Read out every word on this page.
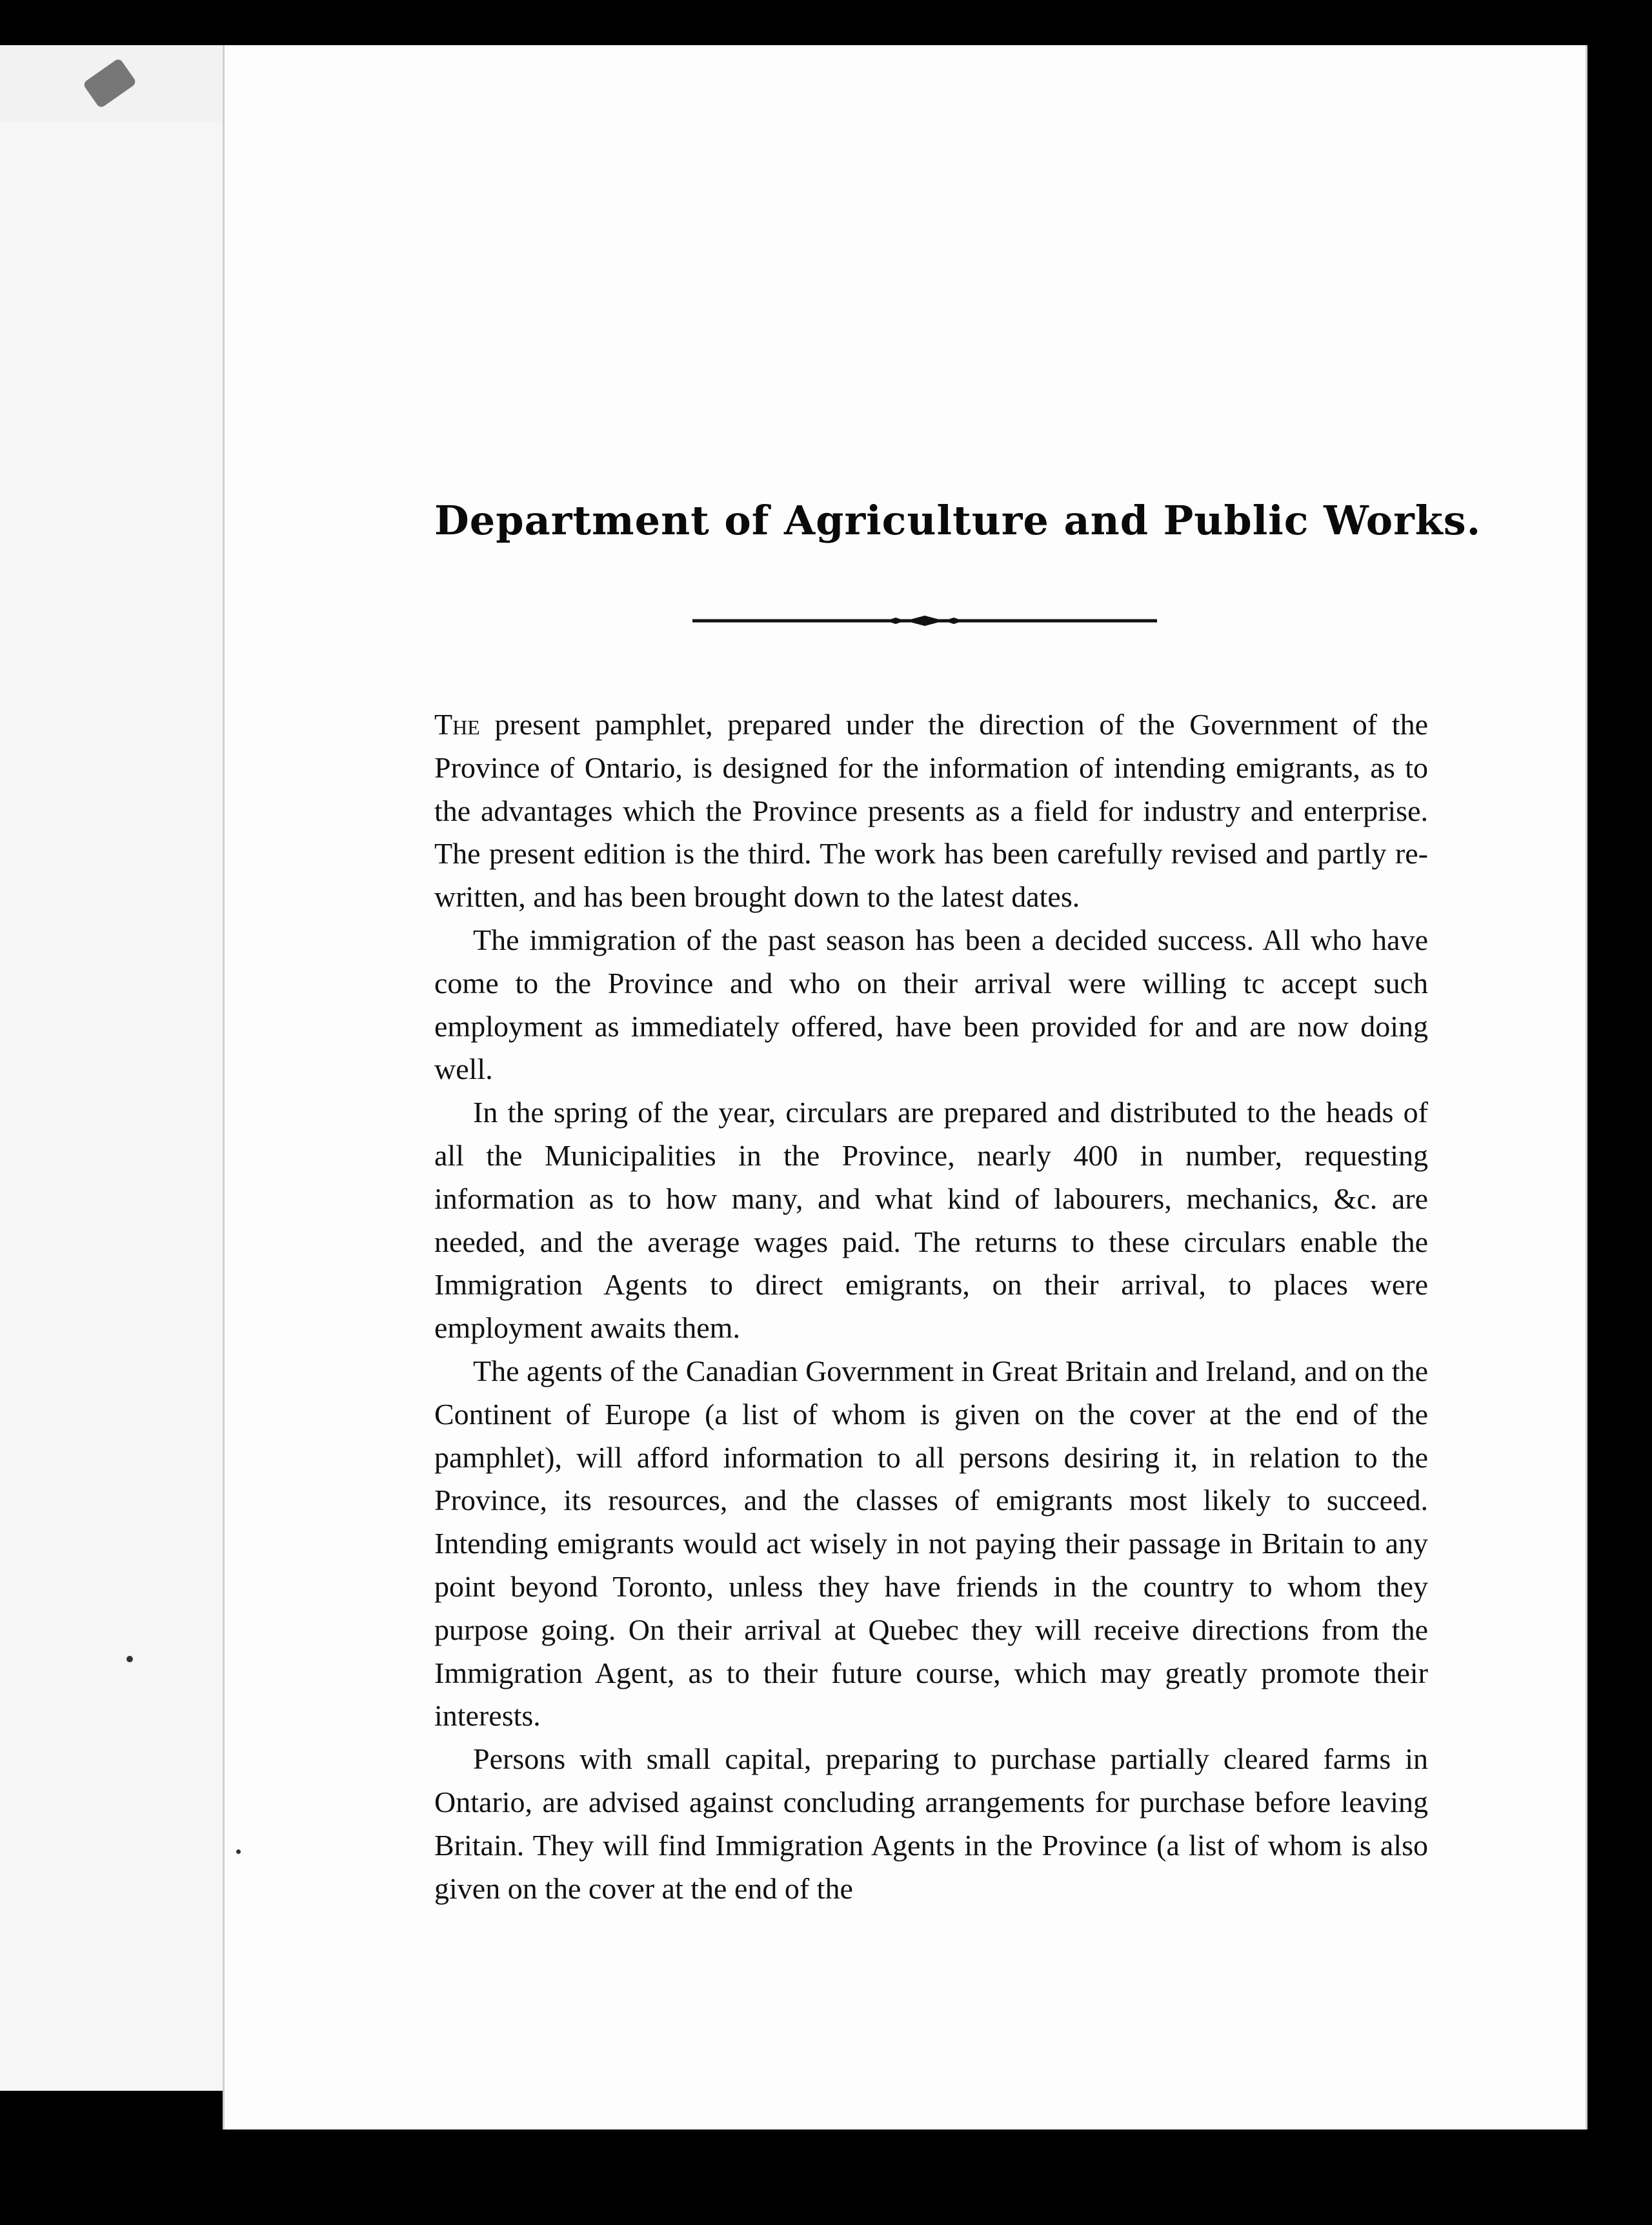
Department of Agriculture and Public Works.

The present pamphlet, prepared under the direction of the Government of the Province of Ontario, is designed for the information of intending emigrants, as to the advantages which the Province presents as a field for industry and enterprise. The present edition is the third. The work has been carefully revised and partly re-written, and has been brought down to the latest dates.

The immigration of the past season has been a decided success. All who have come to the Province and who on their arrival were willing tc accept such employment as immediately offered, have been provided for and are now doing well.

In the spring of the year, circulars are prepared and distributed to the heads of all the Municipalities in the Province, nearly 400 in number, requesting information as to how many, and what kind of labourers, mechanics, &c. are needed, and the average wages paid. The returns to these circulars enable the Immigration Agents to direct emigrants, on their arrival, to places were employment awaits them.

The agents of the Canadian Government in Great Britain and Ireland, and on the Continent of Europe (a list of whom is given on the cover at the end of the pamphlet), will afford information to all persons desiring it, in relation to the Province, its resources, and the classes of emigrants most likely to succeed. Intending emigrants would act wisely in not paying their passage in Britain to any point beyond Toronto, unless they have friends in the country to whom they purpose going. On their arrival at Quebec they will receive directions from the Immigration Agent, as to their future course, which may greatly promote their interests.

Persons with small capital, preparing to purchase partially cleared farms in Ontario, are advised against concluding arrangements for purchase before leaving Britain. They will find Immigration Agents in the Province (a list of whom is also given on the cover at the end of the
